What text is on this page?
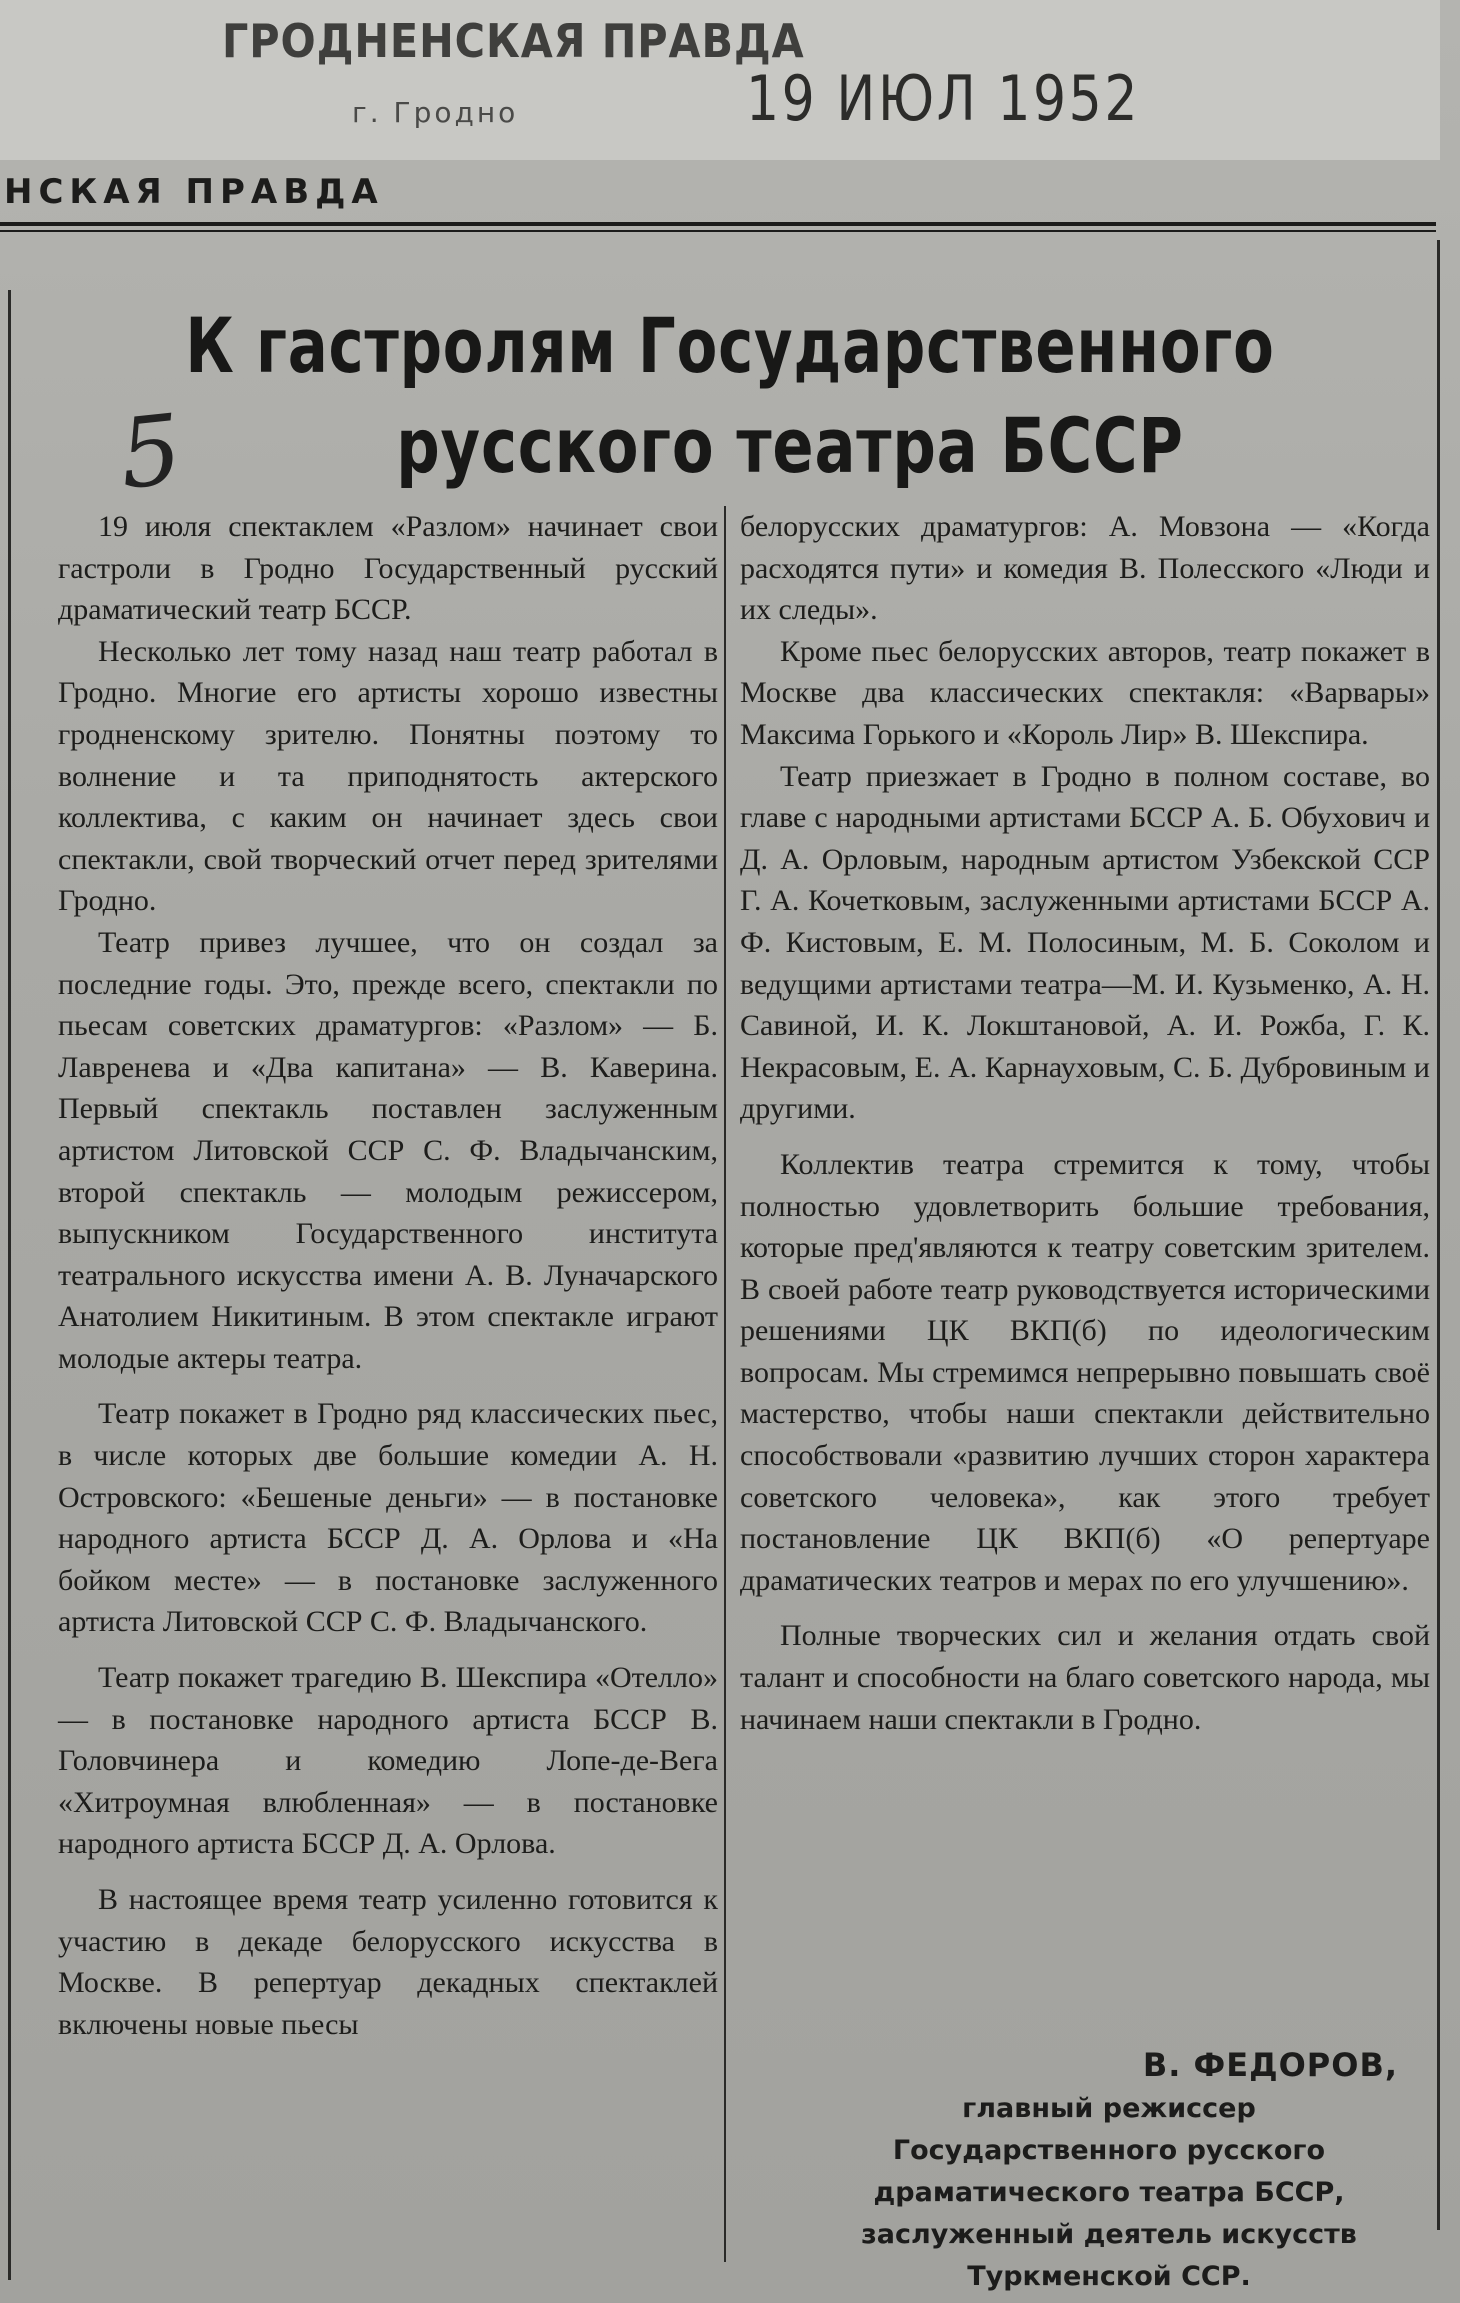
ГРОДНЕНСКАЯ ПРАВДА
г. Гродно	19 ИЮЛ 1952
НСКАЯ ПРАВДА
К гастролям Государственного
русского театра БССР
5

19 июля спектаклем «Разлом» начинает свои гастроли в Гродно Государственный русский драматический театр БССР.

Несколько лет тому назад наш театр работал в Гродно. Многие его артисты хорошо известны гродненскому зрителю. Понятны поэтому то волнение и та приподнятость актерского коллектива, с каким он начинает здесь свои спектакли, свой творческий отчет перед зрителями Гродно.

Театр привез лучшее, что он создал за последние годы. Это, прежде всего, спектакли по пьесам советских драматургов: «Разлом» — Б. Лавренева и «Два капитана» — В. Каверина. Первый спектакль поставлен заслуженным артистом Литовской ССР С. Ф. Владычанским, второй спектакль — молодым режиссером, выпускником Государственного института театрального искусства имени А. В. Луначарского Анатолием Никитиным. В этом спектакле играют молодые актеры театра.

Театр покажет в Гродно ряд классических пьес, в числе которых две большие комедии А. Н. Островского: «Бешеные деньги» — в постановке народного артиста БССР Д. А. Орлова и «На бойком месте» — в постановке заслуженного артиста Литовской ССР С. Ф. Владычанского.

Театр покажет трагедию В. Шекспира «Отелло» — в постановке народного артиста БССР В. Головчинера и комедию Лопе-де-Вега «Хитроумная влюбленная» — в постановке народного артиста БССР Д. А. Орлова.

В настоящее время театр усиленно готовится к участию в декаде белорусского искусства в Москве. В репертуар декадных спектаклей включены новые пьесы

белорусских драматургов: А. Мовзона — «Когда расходятся пути» и комедия В. Полесского «Люди и их следы».

Кроме пьес белорусских авторов, театр покажет в Москве два классических спектакля: «Варвары» Максима Горького и «Король Лир» В. Шекспира.

Театр приезжает в Гродно в полном составе, во главе с народными артистами БССР А. Б. Обухович и Д. А. Орловым, народным артистом Узбекской ССР Г. А. Кочетковым, заслуженными артистами БССР А. Ф. Кистовым, Е. М. Полосиным, М. Б. Соколом и ведущими артистами театра—М. И. Кузьменко, А. Н. Савиной, И. К. Локштановой, А. И. Рожба, Г. К. Некрасовым, Е. А. Карнауховым, С. Б. Дубровиным и другими.

Коллектив театра стремится к тому, чтобы полностью удовлетворить большие требования, которые пред'являются к театру советским зрителем. В своей работе театр руководствуется историческими решениями ЦК ВКП(б) по идеологическим вопросам. Мы стремимся непрерывно повышать своё мастерство, чтобы наши спектакли действительно способствовали «развитию лучших сторон характера советского человека», как этого требует постановление ЦК ВКП(б) «О репертуаре драматических театров и мерах по его улучшению».

Полные творческих сил и желания отдать свой талант и способности на благо советского народа, мы начинаем наши спектакли в Гродно.

В. ФЕДОРОВ,
главный режиссер Государственного русского драматического театра БССР, заслуженный деятель искусств Туркменской ССР.
